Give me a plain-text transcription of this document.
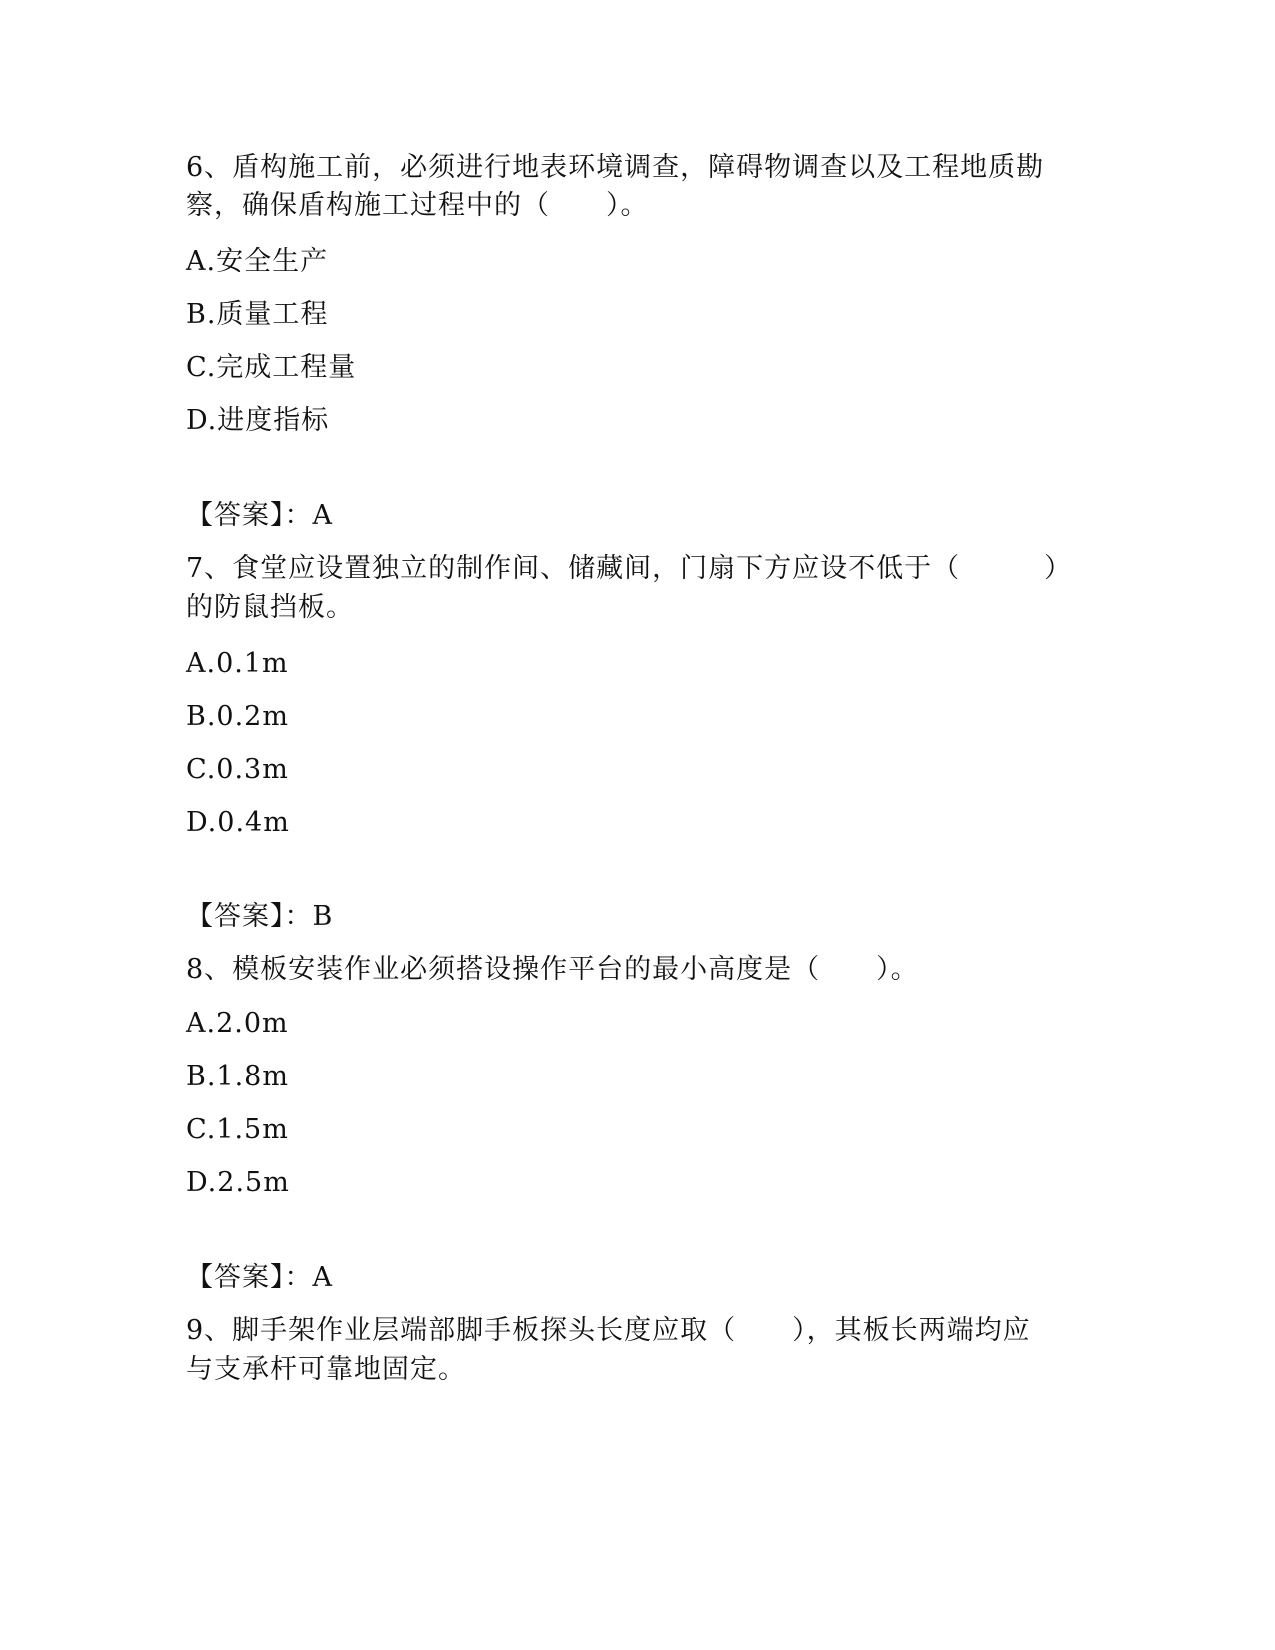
6、盾构施工前，必须进行地表环境调查，障碍物调查以及工程地质勘
察，确保盾构施工过程中的（　　）。
A.安全生产
B.质量工程
C.完成工程量
D.进度指标
【答案】：A
7、食堂应设置独立的制作间、储藏间，门扇下方应设不低于（　　　）
的防鼠挡板。
A.0.1m
B.0.2m
C.0.3m
D.0.4m
【答案】：B
8、模板安装作业必须搭设操作平台的最小高度是（　　）。
A.2.0m
B.1.8m
C.1.5m
D.2.5m
【答案】：A
9、脚手架作业层端部脚手板探头长度应取（　　），其板长两端均应
与支承杆可靠地固定。
